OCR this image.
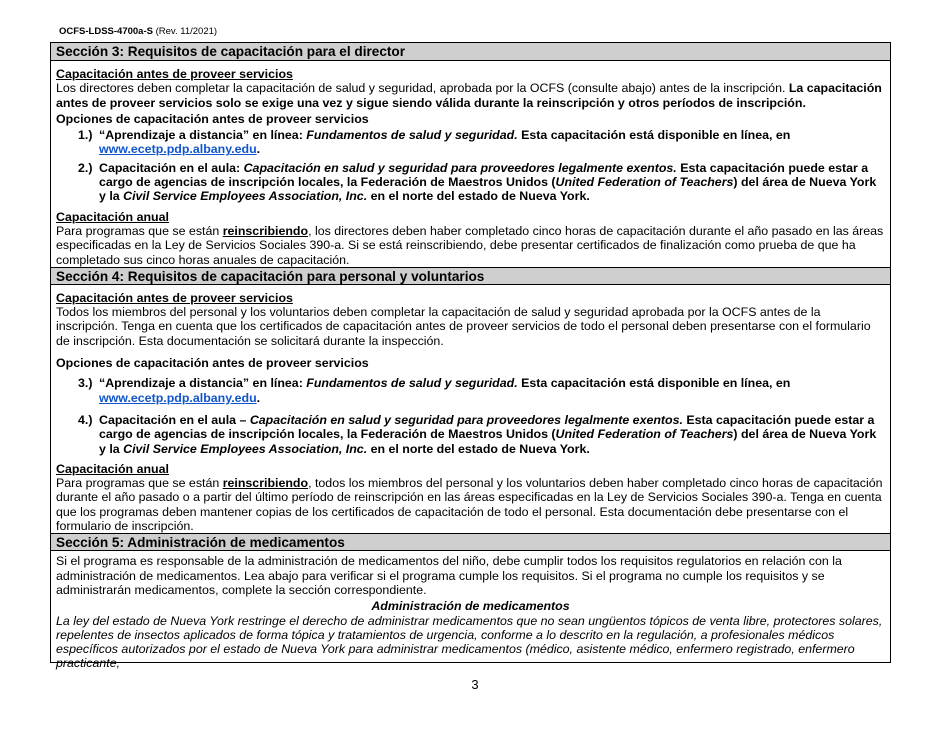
OCFS-LDSS-4700a-S (Rev. 11/2021)
Sección 3: Requisitos de capacitación para el director

Capacitación antes de proveer servicios

Los directores deben completar la capacitación de salud y seguridad, aprobada por la OCFS (consulte abajo) antes de la inscripción. La capacitación antes de proveer servicios solo se exige una vez y sigue siendo válida durante la reinscripción y otros períodos de inscripción.

Opciones de capacitación antes de proveer servicios

1.) “Aprendizaje a distancia” en línea: Fundamentos de salud y seguridad. Esta capacitación está disponible en línea, en
www.ecetp.pdp.albany.edu.
2.) Capacitación en el aula: Capacitación en salud y seguridad para proveedores legalmente exentos. Esta capacitación puede estar a cargo de agencias de inscripción locales, la Federación de Maestros Unidos (United Federation of Teachers) del área de Nueva York y la Civil Service Employees Association, Inc. en el norte del estado de Nueva York.

Capacitación anual

Para programas que se están reinscribiendo, los directores deben haber completado cinco horas de capacitación durante el año pasado en las áreas especificadas en la Ley de Servicios Sociales 390-a. Si se está reinscribiendo, debe presentar certificados de finalización como prueba de que ha completado sus cinco horas anuales de capacitación.

Sección 4: Requisitos de capacitación para personal y voluntarios

Capacitación antes de proveer servicios

Todos los miembros del personal y los voluntarios deben completar la capacitación de salud y seguridad aprobada por la OCFS antes de la inscripción. Tenga en cuenta que los certificados de capacitación antes de proveer servicios de todo el personal deben presentarse con el formulario de inscripción. Esta documentación se solicitará durante la inspección.

Opciones de capacitación antes de proveer servicios

3.) “Aprendizaje a distancia” en línea: Fundamentos de salud y seguridad. Esta capacitación está disponible en línea, en
www.ecetp.pdp.albany.edu.
4.) Capacitación en el aula – Capacitación en salud y seguridad para proveedores legalmente exentos. Esta capacitación puede estar a cargo de agencias de inscripción locales, la Federación de Maestros Unidos (United Federation of Teachers) del área de Nueva York y la Civil Service Employees Association, Inc. en el norte del estado de Nueva York.

Capacitación anual

Para programas que se están reinscribiendo, todos los miembros del personal y los voluntarios deben haber completado cinco horas de capacitación durante el año pasado o a partir del último período de reinscripción en las áreas especificadas en la Ley de Servicios Sociales 390-a. Tenga en cuenta que los programas deben mantener copias de los certificados de capacitación de todo el personal. Esta documentación debe presentarse con el formulario de inscripción.

Sección 5: Administración de medicamentos

Si el programa es responsable de la administración de medicamentos del niño, debe cumplir todos los requisitos regulatorios en relación con la administración de medicamentos. Lea abajo para verificar si el programa cumple los requisitos. Si el programa no cumple los requisitos y se administrarán medicamentos, complete la sección correspondiente.

Administración de medicamentos

La ley del estado de Nueva York restringe el derecho de administrar medicamentos que no sean ungüentos tópicos de venta libre, protectores solares, repelentes de insectos aplicados de forma tópica y tratamientos de urgencia, conforme a lo descrito en la regulación, a profesionales médicos específicos autorizados por el estado de Nueva York para administrar medicamentos (médico, asistente médico, enfermero registrado, enfermero practicante,

3
